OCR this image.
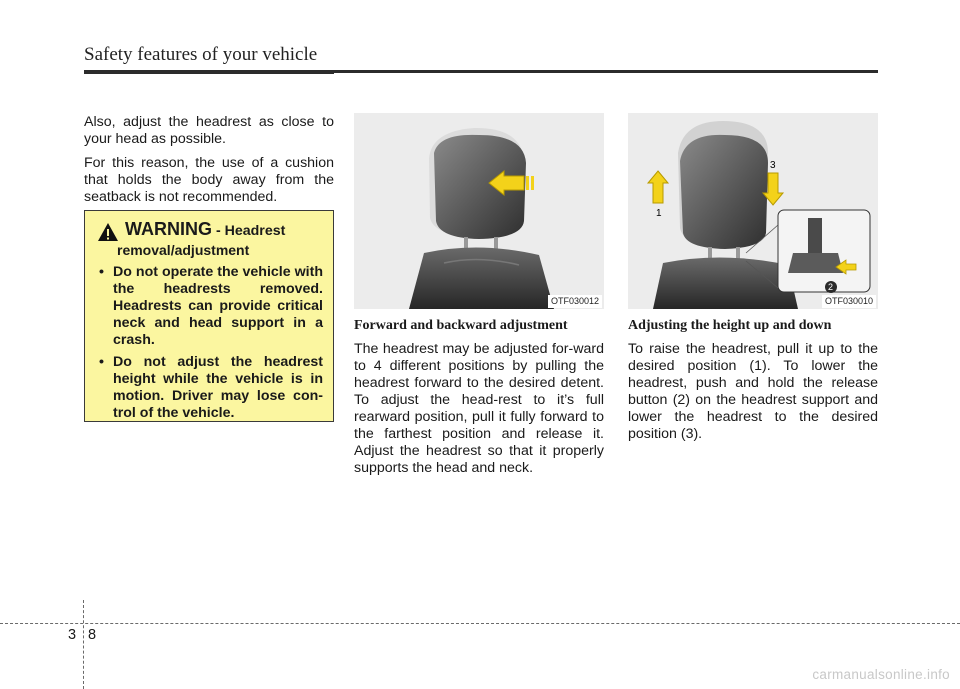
Safety features of your vehicle

Also, adjust the headrest as close to your head as possible.

For this reason, the use of a cushion that holds the body away from the seatback is not recommended.

WARNING - Headrest
removal/adjustment
• Do not operate the vehicle with the headrests removed. Headrests can provide critical neck and head support in a crash.
• Do not adjust the headrest height while the vehicle is in motion. Driver may lose con-trol of the vehicle.
OTF030012
1
3
2
OTF030010
Forward and backward adjustment

The headrest may be adjusted for-ward to 4 different positions by pulling the headrest forward to the desired detent. To adjust the head-rest to it’s full rearward position, pull it fully forward to the farthest position and release it. Adjust the headrest so that it properly supports the head and neck.

Adjusting the height up and down

To raise the headrest, pull it up to the desired position (1). To lower the headrest, push and hold the release button (2) on the headrest support and lower the headrest to the desired position (3).

3 8
carmanualsonline.info
